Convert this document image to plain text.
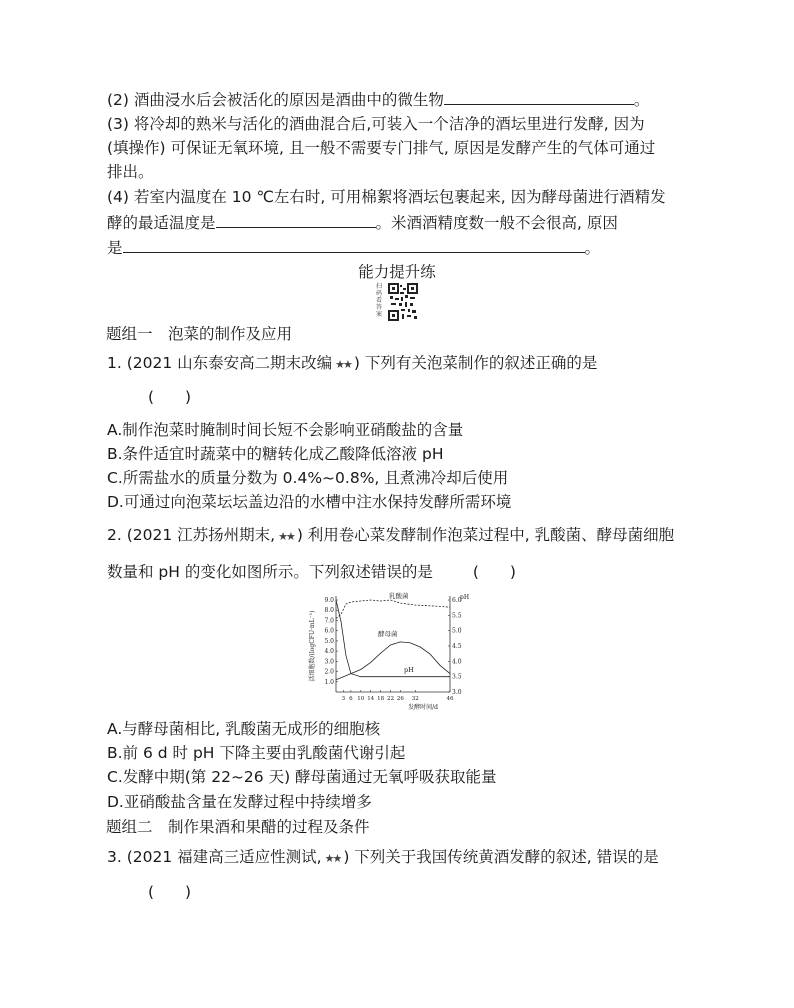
(2) 酒曲浸水后会被活化的原因是酒曲中的微生物	。
(3) 将冷却的熟米与活化的酒曲混合后,可装入一个洁净的酒坛里进行发酵, 因为
(填操作) 可保证无氧环境, 且一般不需要专门排气, 原因是发酵产生的气体可通过
排出。
(4) 若室内温度在 10 ℃左右时, 可用棉絮将酒坛包裹起来, 因为酵母菌进行酒精发
酵的最适温度是	。米酒酒精度数一般不会很高, 原因
是	。
能力提升练
扫码看答案
题组一　泡菜的制作及应用
1. (2021 山东泰安高二期末改编 ★★ ) 下列有关泡菜制作的叙述正确的是
(　　)
A.制作泡菜时腌制时间长短不会影响亚硝酸盐的含量
B.条件适宜时蔬菜中的糖转化成乙酸降低溶液 pH
C.所需盐水的质量分数为 0.4%~0.8%, 且煮沸冷却后使用
D.可通过向泡菜坛坛盖边沿的水槽中注水保持发酵所需环境
2. (2021 江苏扬州期末, ★★ ) 利用卷心菜发酵制作泡菜过程中, 乳酸菌、酵母菌细胞
数量和 pH 的变化如图所示。下列叙述错误的是	(　　)
9.0
8.0
7.0
6.0
5.0
4.0
3.0
2.0
1.0
6.0
5.5
5.0
4.5
4.0
3.5
3.0
3 6 10 14 18 22 26 32	46
pH
发酵时间/d
活细胞数/(logCFU·mL⁻¹)
乳酸菌
酵母菌
pH
A.与酵母菌相比, 乳酸菌无成形的细胞核
B.前 6 d 时 pH 下降主要由乳酸菌代谢引起
C.发酵中期(第 22~26 天) 酵母菌通过无氧呼吸获取能量
D.亚硝酸盐含量在发酵过程中持续增多
题组二　制作果酒和果醋的过程及条件
3. (2021 福建高三适应性测试, ★★ ) 下列关于我国传统黄酒发酵的叙述, 错误的是
(　　)
